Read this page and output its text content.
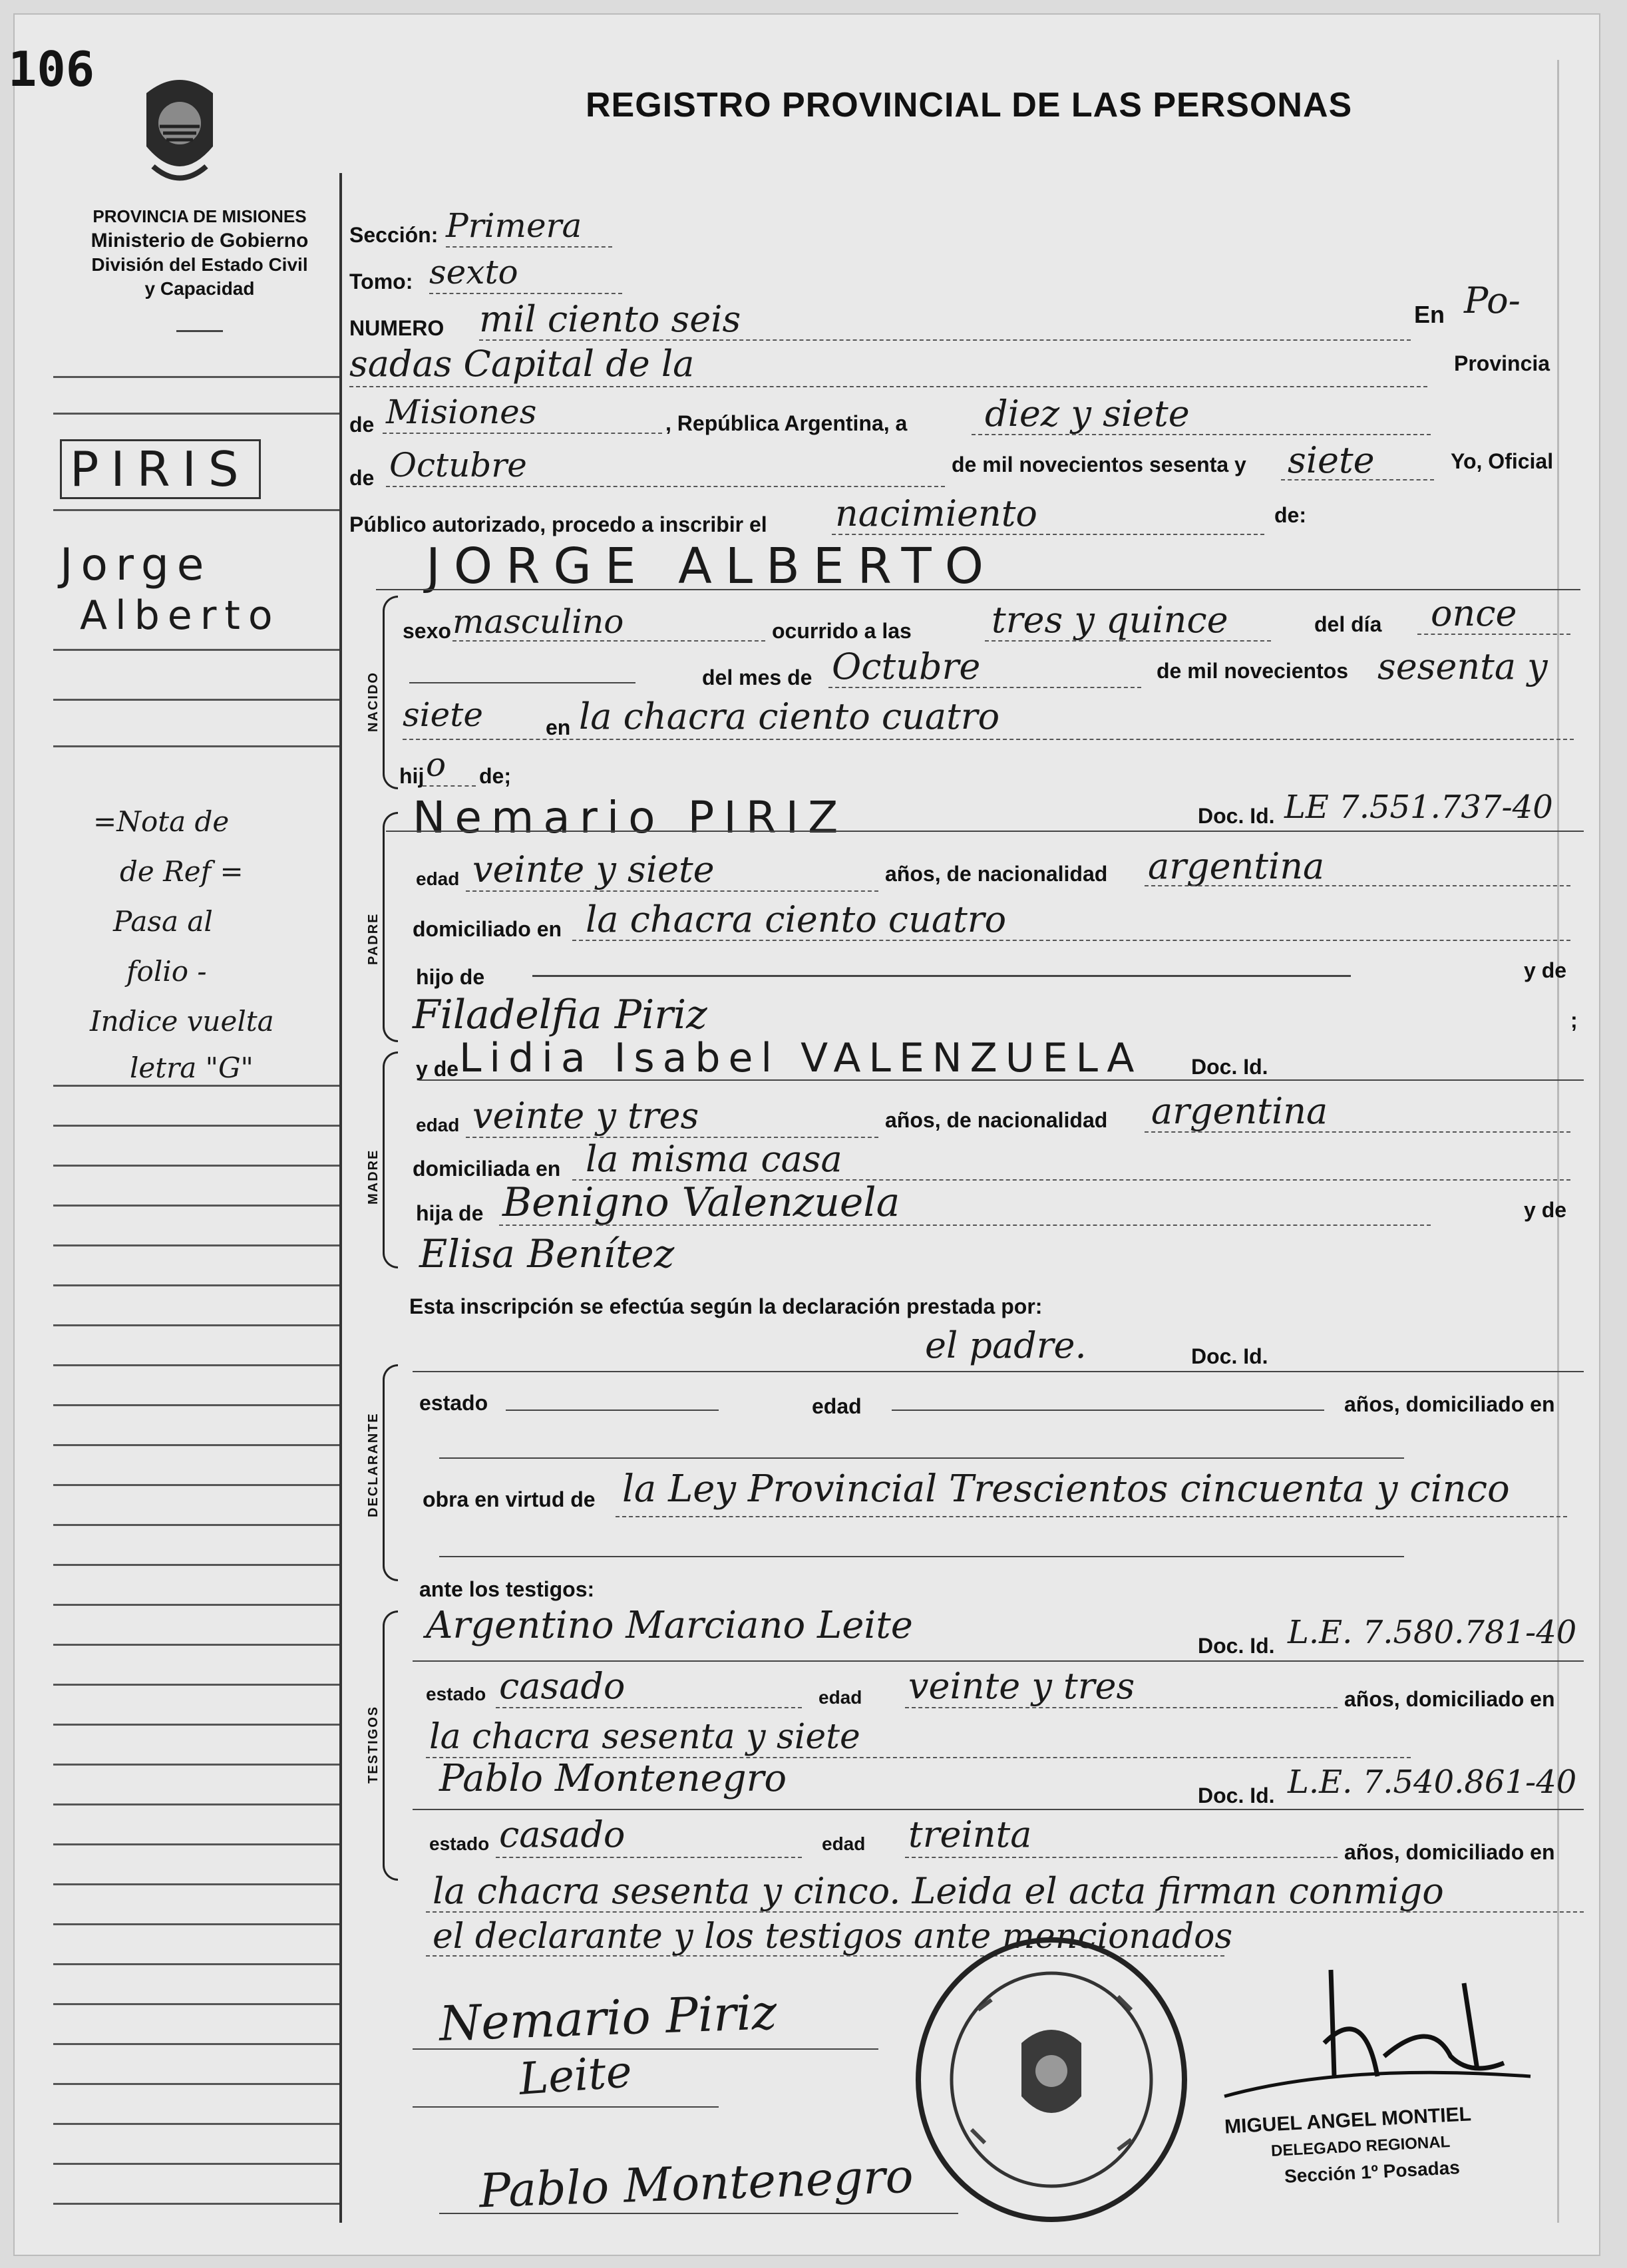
106
PROVINCIA DE MISIONES
Ministerio de Gobierno
División del Estado Civil
y Capacidad
REGISTRO PROVINCIAL DE LAS PERSONAS
PIRIS
Jorge
Alberto
=Nota de
de Ref =
Pasa al
folio -
Indice vuelta
letra "G"
Sección: Primera
Tomo: sexto
NUMERO mil ciento seis	En Po-
sadas Capital de la	Provincia
de Misiones	, República Argentina, a diez y siete
de Octubre	de mil novecientos sesenta y siete	Yo, Oficial
Público autorizado, procedo a inscribir el nacimiento	de:
JORGE ALBERTO
NACIDO
sexo masculino	ocurrido a las tres y quince	del día once
del mes de Octubre	de mil novecientos sesenta y
siete	en la chacra ciento cuatro
hij o de;
PADRE
Nemario PIRIZ	Doc. Id. LE 7.551.737-40
edad veinte y siete	años, de nacionalidad argentina
domiciliado en la chacra ciento cuatro
hijo de	y de
Filadelfia Piriz	;
MADRE
y de Lidia Isabel VALENZUELA Doc. Id.
edad veinte y tres	años, de nacionalidad argentina
domiciliada en la misma casa
hija de Benigno Valenzuela	y de
Elisa Benítez
Esta inscripción se efectúa según la declaración prestada por:
DECLARANTE
el padre.	Doc. Id.
estado	edad	años, domiciliado en
obra en virtud de la Ley Provincial Trescientos cincuenta y cinco
ante los testigos:
TESTIGOS
Argentino Marciano Leite	Doc. Id. L.E. 7.580.781-40
estado casado	edad veinte y tres	años, domiciliado en
la chacra sesenta y siete
Pablo Montenegro	Doc. Id. L.E. 7.540.861-40
estado casado	edad treinta	años, domiciliado en
la chacra sesenta y cinco. Leida el acta firman conmigo
el declarante y los testigos ante mencionados
Nemario Piriz
Leite
Pablo Montenegro
MIGUEL ANGEL MONTIEL
DELEGADO REGIONAL
Sección 1º Posadas
